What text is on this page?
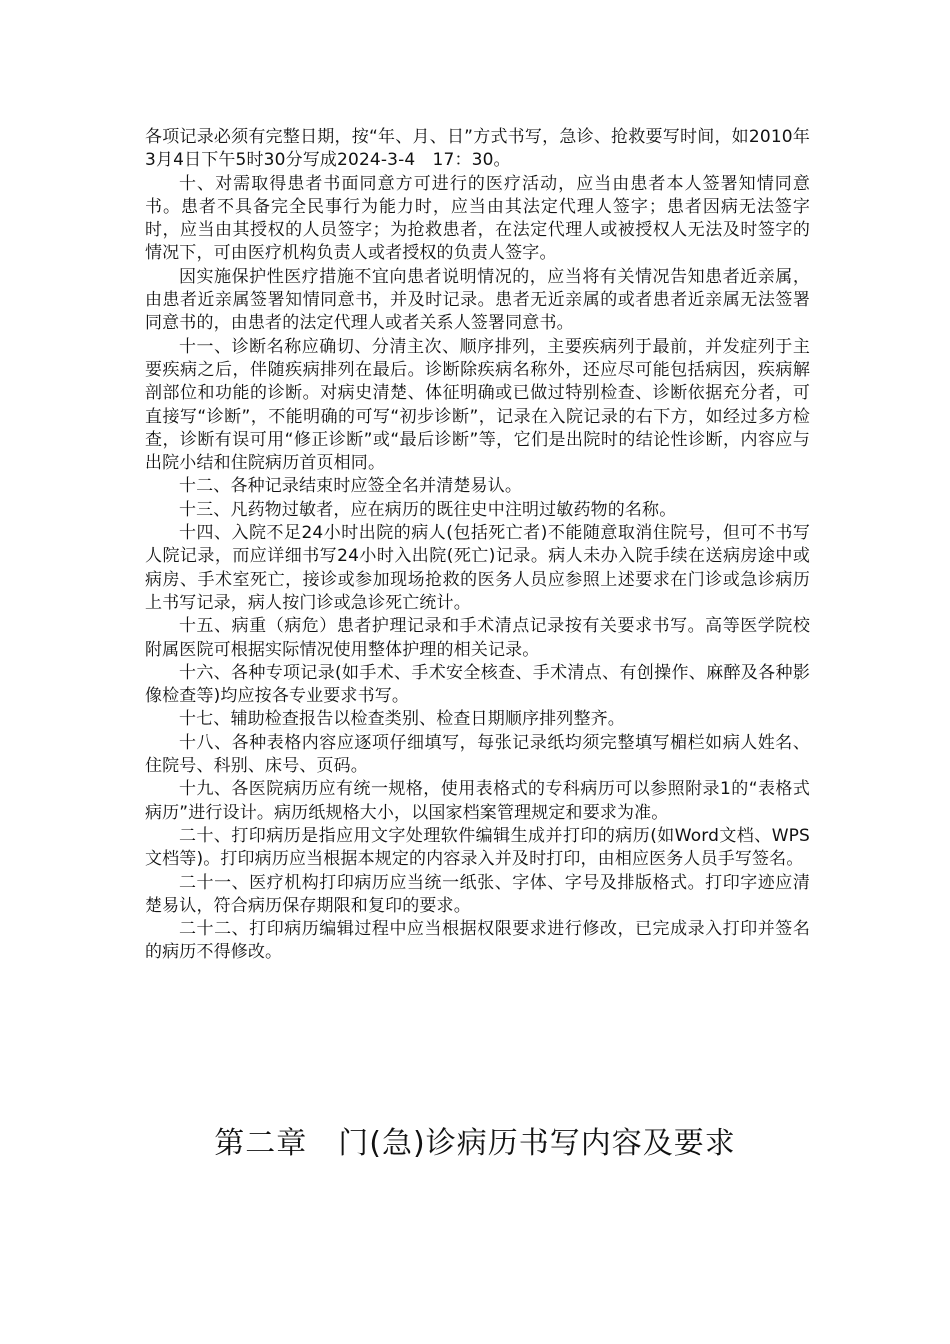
各项记录必须有完整日期，按“年、月、日”方式书写，急诊、抢救要写时间，如2010年3月4日下午5时30分写成2024-3-4　17：30。

十、对需取得患者书面同意方可进行的医疗活动，应当由患者本人签署知情同意书。患者不具备完全民事行为能力时，应当由其法定代理人签字；患者因病无法签字时，应当由其授权的人员签字；为抢救患者，在法定代理人或被授权人无法及时签字的情况下，可由医疗机构负责人或者授权的负责人签字。

因实施保护性医疗措施不宜向患者说明情况的，应当将有关情况告知患者近亲属，由患者近亲属签署知情同意书，并及时记录。患者无近亲属的或者患者近亲属无法签署同意书的，由患者的法定代理人或者关系人签署同意书。

十一、诊断名称应确切、分清主次、顺序排列，主要疾病列于最前，并发症列于主要疾病之后，伴随疾病排列在最后。诊断除疾病名称外，还应尽可能包括病因，疾病解剖部位和功能的诊断。对病史清楚、体征明确或已做过特别检查、诊断依据充分者，可直接写“诊断”，不能明确的可写“初步诊断”，记录在入院记录的右下方，如经过多方检查，诊断有误可用“修正诊断”或“最后诊断”等，它们是出院时的结论性诊断，内容应与出院小结和住院病历首页相同。

十二、各种记录结束时应签全名并清楚易认。

十三、凡药物过敏者，应在病历的既往史中注明过敏药物的名称。

十四、入院不足24小时出院的病人(包括死亡者)不能随意取消住院号，但可不书写人院记录，而应详细书写24小时入出院(死亡)记录。病人未办入院手续在送病房途中或病房、手术室死亡，接诊或参加现场抢救的医务人员应参照上述要求在门诊或急诊病历上书写记录，病人按门诊或急诊死亡统计。

十五、病重（病危）患者护理记录和手术清点记录按有关要求书写。高等医学院校附属医院可根据实际情况使用整体护理的相关记录。

十六、各种专项记录(如手术、手术安全核查、手术清点、有创操作、麻醉及各种影像检查等)均应按各专业要求书写。

十七、辅助检查报告以检查类别、检查日期顺序排列整齐。

十八、各种表格内容应逐项仔细填写，每张记录纸均须完整填写楣栏如病人姓名、住院号、科别、床号、页码。

十九、各医院病历应有统一规格，使用表格式的专科病历可以参照附录1的“表格式病历”进行设计。病历纸规格大小，以国家档案管理规定和要求为准。

二十、打印病历是指应用文字处理软件编辑生成并打印的病历(如Word文档、WPS文档等)。打印病历应当根据本规定的内容录入并及时打印，由相应医务人员手写签名。

二十一、医疗机构打印病历应当统一纸张、字体、字号及排版格式。打印字迹应清楚易认，符合病历保存期限和复印的要求。

二十二、打印病历编辑过程中应当根据权限要求进行修改，已完成录入打印并签名的病历不得修改。

第二章　门(急)诊病历书写内容及要求
